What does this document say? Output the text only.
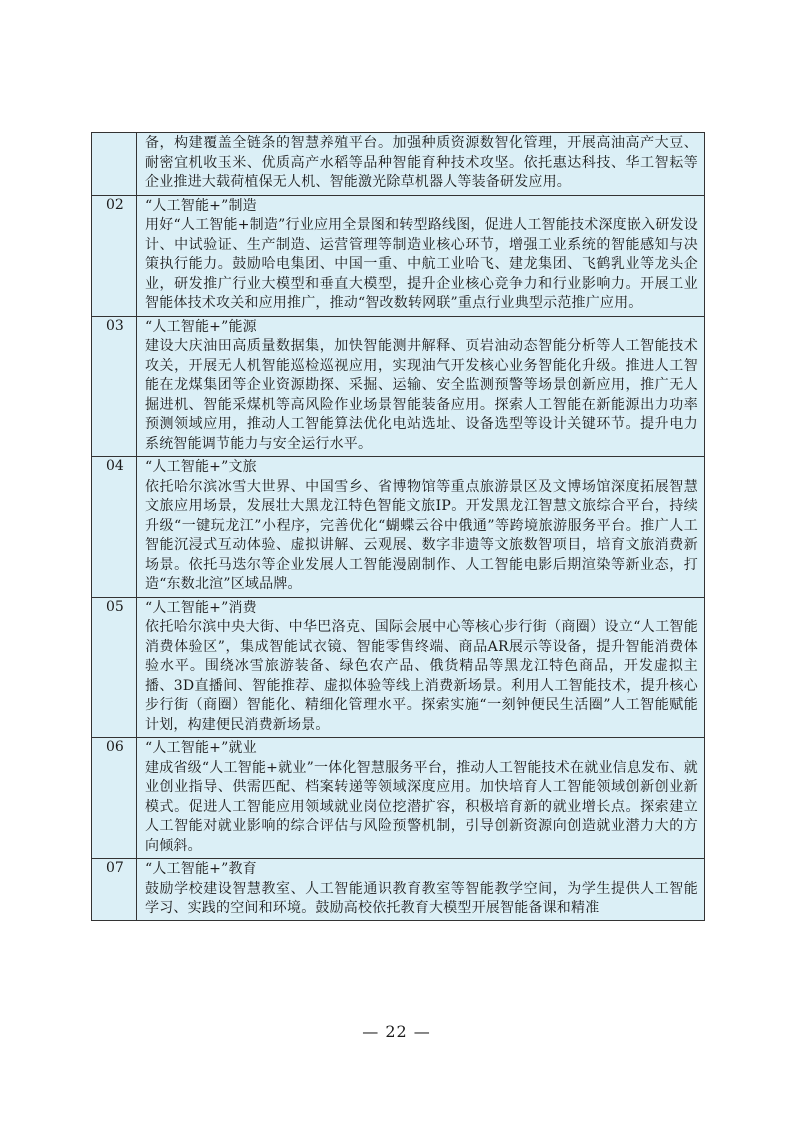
备，构建覆盖全链条的智慧养殖平台。加强种质资源数智化管理，开展高油高产大豆、耐密宜机收玉米、优质高产水稻等品种智能育种技术攻坚。依托惠达科技、华工智耘等企业推进大载荷植保无人机、智能激光除草机器人等装备研发应用。
02	“人工智能+”制造
用好“人工智能+制造”行业应用全景图和转型路线图，促进人工智能技术深度嵌入研发设计、中试验证、生产制造、运营管理等制造业核心环节，增强工业系统的智能感知与决策执行能力。鼓励哈电集团、中国一重、中航工业哈飞、建龙集团、飞鹤乳业等龙头企业，研发推广行业大模型和垂直大模型，提升企业核心竞争力和行业影响力。开展工业智能体技术攻关和应用推广，推动“智改数转网联”重点行业典型示范推广应用。
03	“人工智能+”能源
建设大庆油田高质量数据集，加快智能测井解释、页岩油动态智能分析等人工智能技术攻关，开展无人机智能巡检巡视应用，实现油气开发核心业务智能化升级。推进人工智能在龙煤集团等企业资源勘探、采掘、运输、安全监测预警等场景创新应用，推广无人掘进机、智能采煤机等高风险作业场景智能装备应用。探索人工智能在新能源出力功率预测领域应用，推动人工智能算法优化电站选址、设备选型等设计关键环节。提升电力系统智能调节能力与安全运行水平。
04	“人工智能+”文旅
依托哈尔滨冰雪大世界、中国雪乡、省博物馆等重点旅游景区及文博场馆深度拓展智慧文旅应用场景，发展壮大黑龙江特色智能文旅IP。开发黑龙江智慧文旅综合平台，持续升级“一键玩龙江”小程序，完善优化“蝴蝶云谷中俄通”等跨境旅游服务平台。推广人工智能沉浸式互动体验、虚拟讲解、云观展、数字非遗等文旅数智项目，培育文旅消费新场景。依托马迭尔等企业发展人工智能漫剧制作、人工智能电影后期渲染等新业态，打造“东数北渲”区域品牌。
05	“人工智能+”消费
依托哈尔滨中央大街、中华巴洛克、国际会展中心等核心步行街（商圈）设立“人工智能消费体验区”，集成智能试衣镜、智能零售终端、商品AR展示等设备，提升智能消费体验水平。围绕冰雪旅游装备、绿色农产品、俄货精品等黑龙江特色商品，开发虚拟主播、3D直播间、智能推荐、虚拟体验等线上消费新场景。利用人工智能技术，提升核心步行街（商圈）智能化、精细化管理水平。探索实施“一刻钟便民生活圈”人工智能赋能计划，构建便民消费新场景。
06	“人工智能+”就业
建成省级“人工智能+就业”一体化智慧服务平台，推动人工智能技术在就业信息发布、就业创业指导、供需匹配、档案转递等领域深度应用。加快培育人工智能领域创新创业新模式。促进人工智能应用领域就业岗位挖潜扩容，积极培育新的就业增长点。探索建立人工智能对就业影响的综合评估与风险预警机制，引导创新资源向创造就业潜力大的方向倾斜。
07	“人工智能+”教育
鼓励学校建设智慧教室、人工智能通识教育教室等智能教学空间，为学生提供人工智能学习、实践的空间和环境。鼓励高校依托教育大模型开展智能备课和精准
— 22 —
